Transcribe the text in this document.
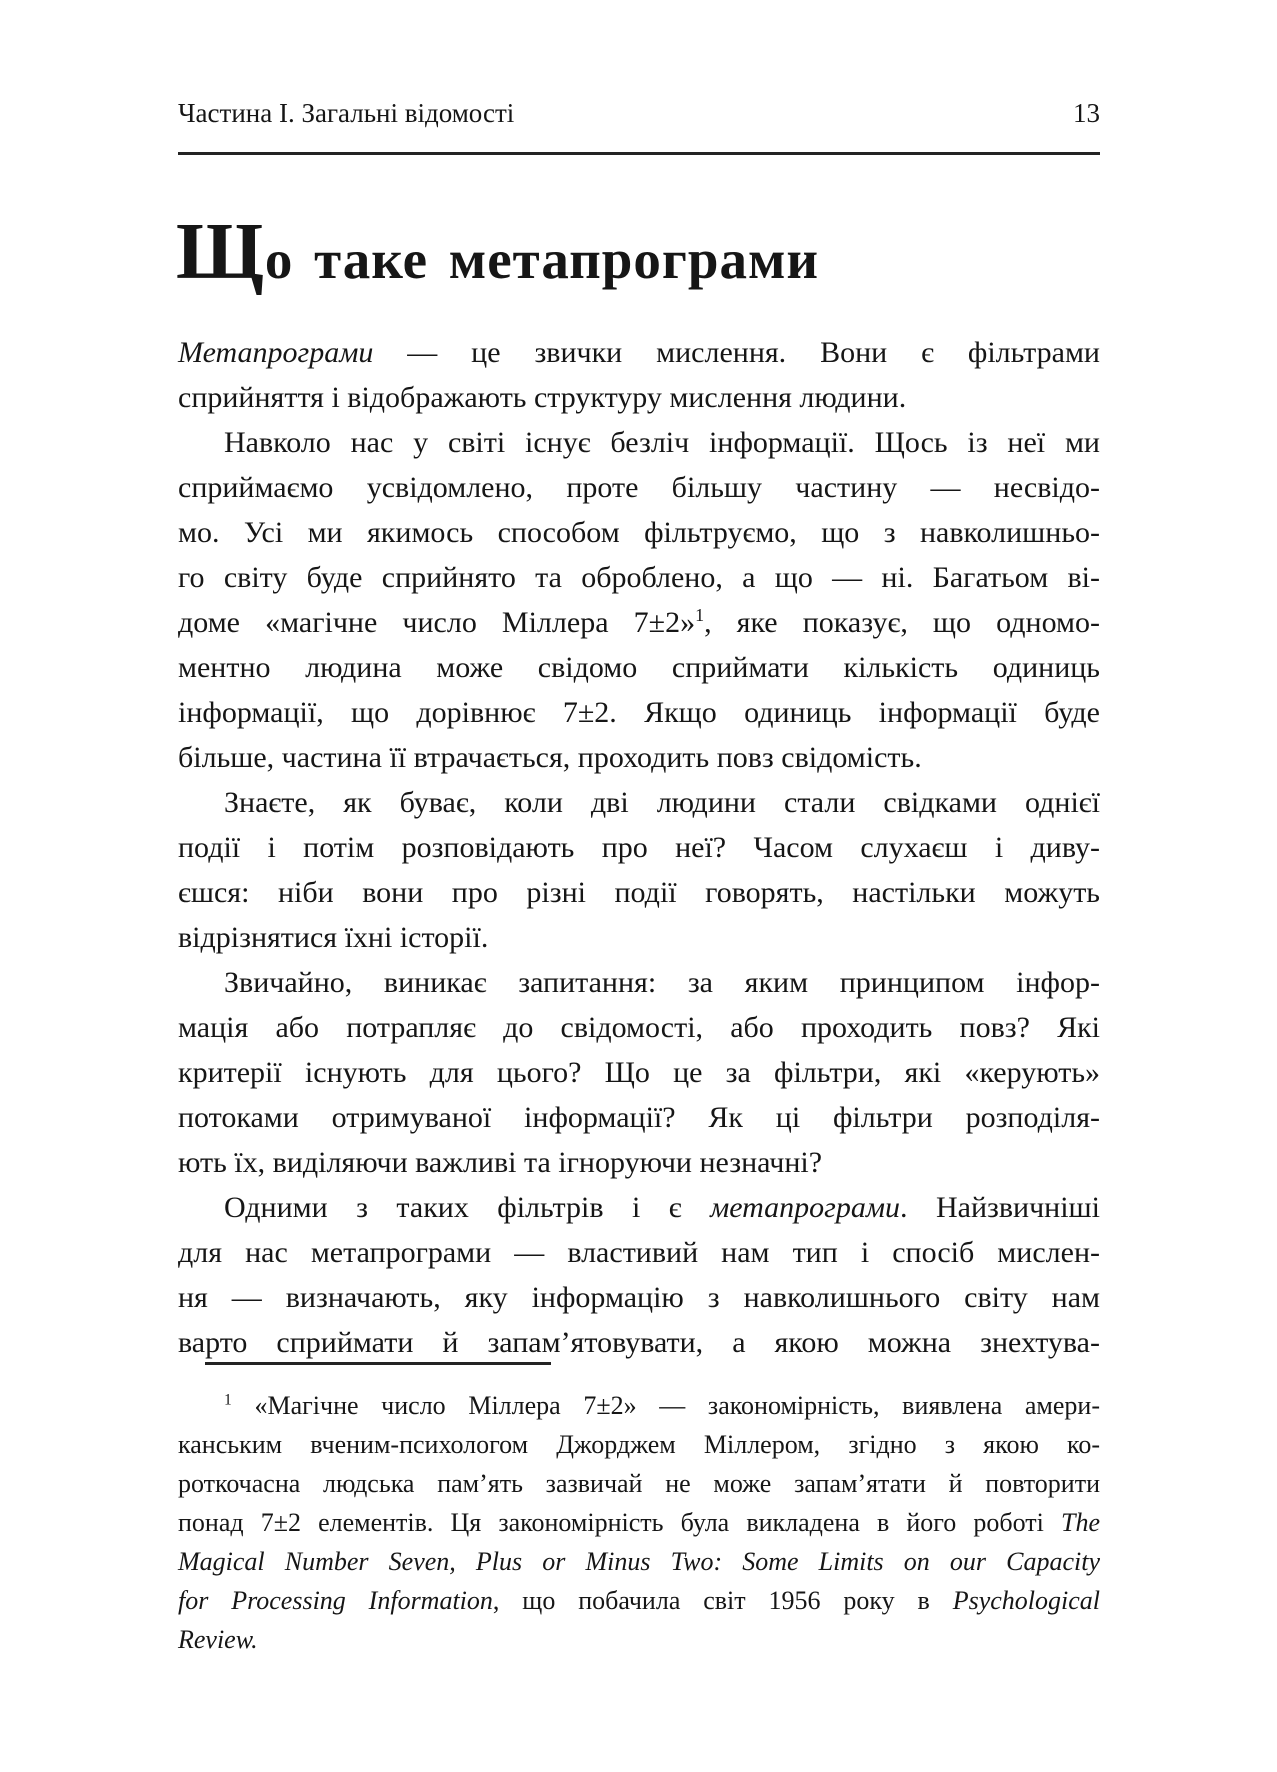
Частина І. Загальні відомості	13
Що таке метапрограми
Метапрограми — це звички мислення. Вони є фільтрами
сприйняття і відображають структуру мислення людини.
Навколо нас у світі існує безліч інформації. Щось із неї ми
сприймаємо усвідомлено, проте більшу частину — несвідо-
мо. Усі ми якимось способом фільтруємо, що з навколишньо-
го світу буде сприйнято та оброблено, а що — ні. Багатьом ві-
доме «магічне число Міллера 7±2»$^1$, яке показує, що одномо-
ментно людина може свідомо сприймати кількість одиниць
інформації, що дорівнює 7±2. Якщо одиниць інформації буде
більше, частина її втрачається, проходить повз свідомість.
Знаєте, як буває, коли дві людини стали свідками однієї
події і потім розповідають про неї? Часом слухаєш і диву-
єшся: ніби вони про різні події говорять, настільки можуть
відрізнятися їхні історії.
Звичайно, виникає запитання: за яким принципом інфор-
мація або потрапляє до свідомості, або проходить повз? Які
критерії існують для цього? Що це за фільтри, які «керують»
потоками отримуваної інформації? Як ці фільтри розподіля-
ють їх, виділяючи важливі та ігноруючи незначні?
Одними з таких фільтрів і є метапрограми. Найзвичніші
для нас метапрограми — властивий нам тип і спосіб мислен-
ня — визначають, яку інформацію з навколишнього світу нам
варто сприймати й запам’ятовувати, а якою можна знехтува-
$^1$ «Магічне число Міллера 7±2» — закономірність, виявлена амери-
канським вченим-психологом Джорджем Міллером, згідно з якою ко-
роткочасна людська пам’ять зазвичай не може запам’ятати й повторити
понад 7±2 елементів. Ця закономірність була викладена в його роботі The
Magical Number Seven, Plus or Minus Two: Some Limits on our Capacity
for Processing Information, що побачила світ 1956 року в Psychological
Review.
